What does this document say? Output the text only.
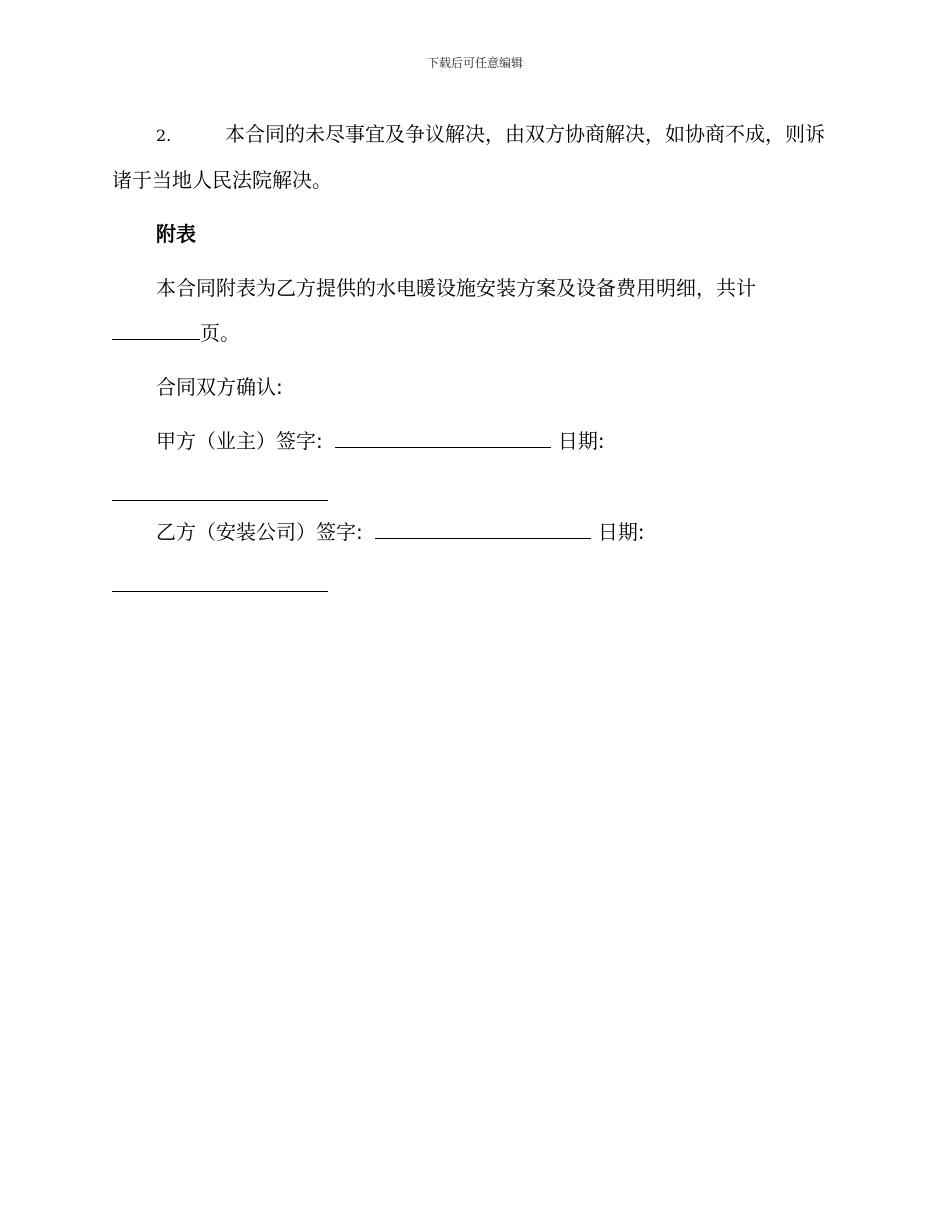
下载后可任意编辑

2.	本合同的未尽事宜及争议解决，由双方协商解决，如协商不成，则诉诸于当地人民法院解决。

附表

本合同附表为乙方提供的水电暖设施安装方案及设备费用明细，共计页。

合同双方确认:

甲方（业主）签字:	日期:

乙方（安装公司）签字:	日期:
